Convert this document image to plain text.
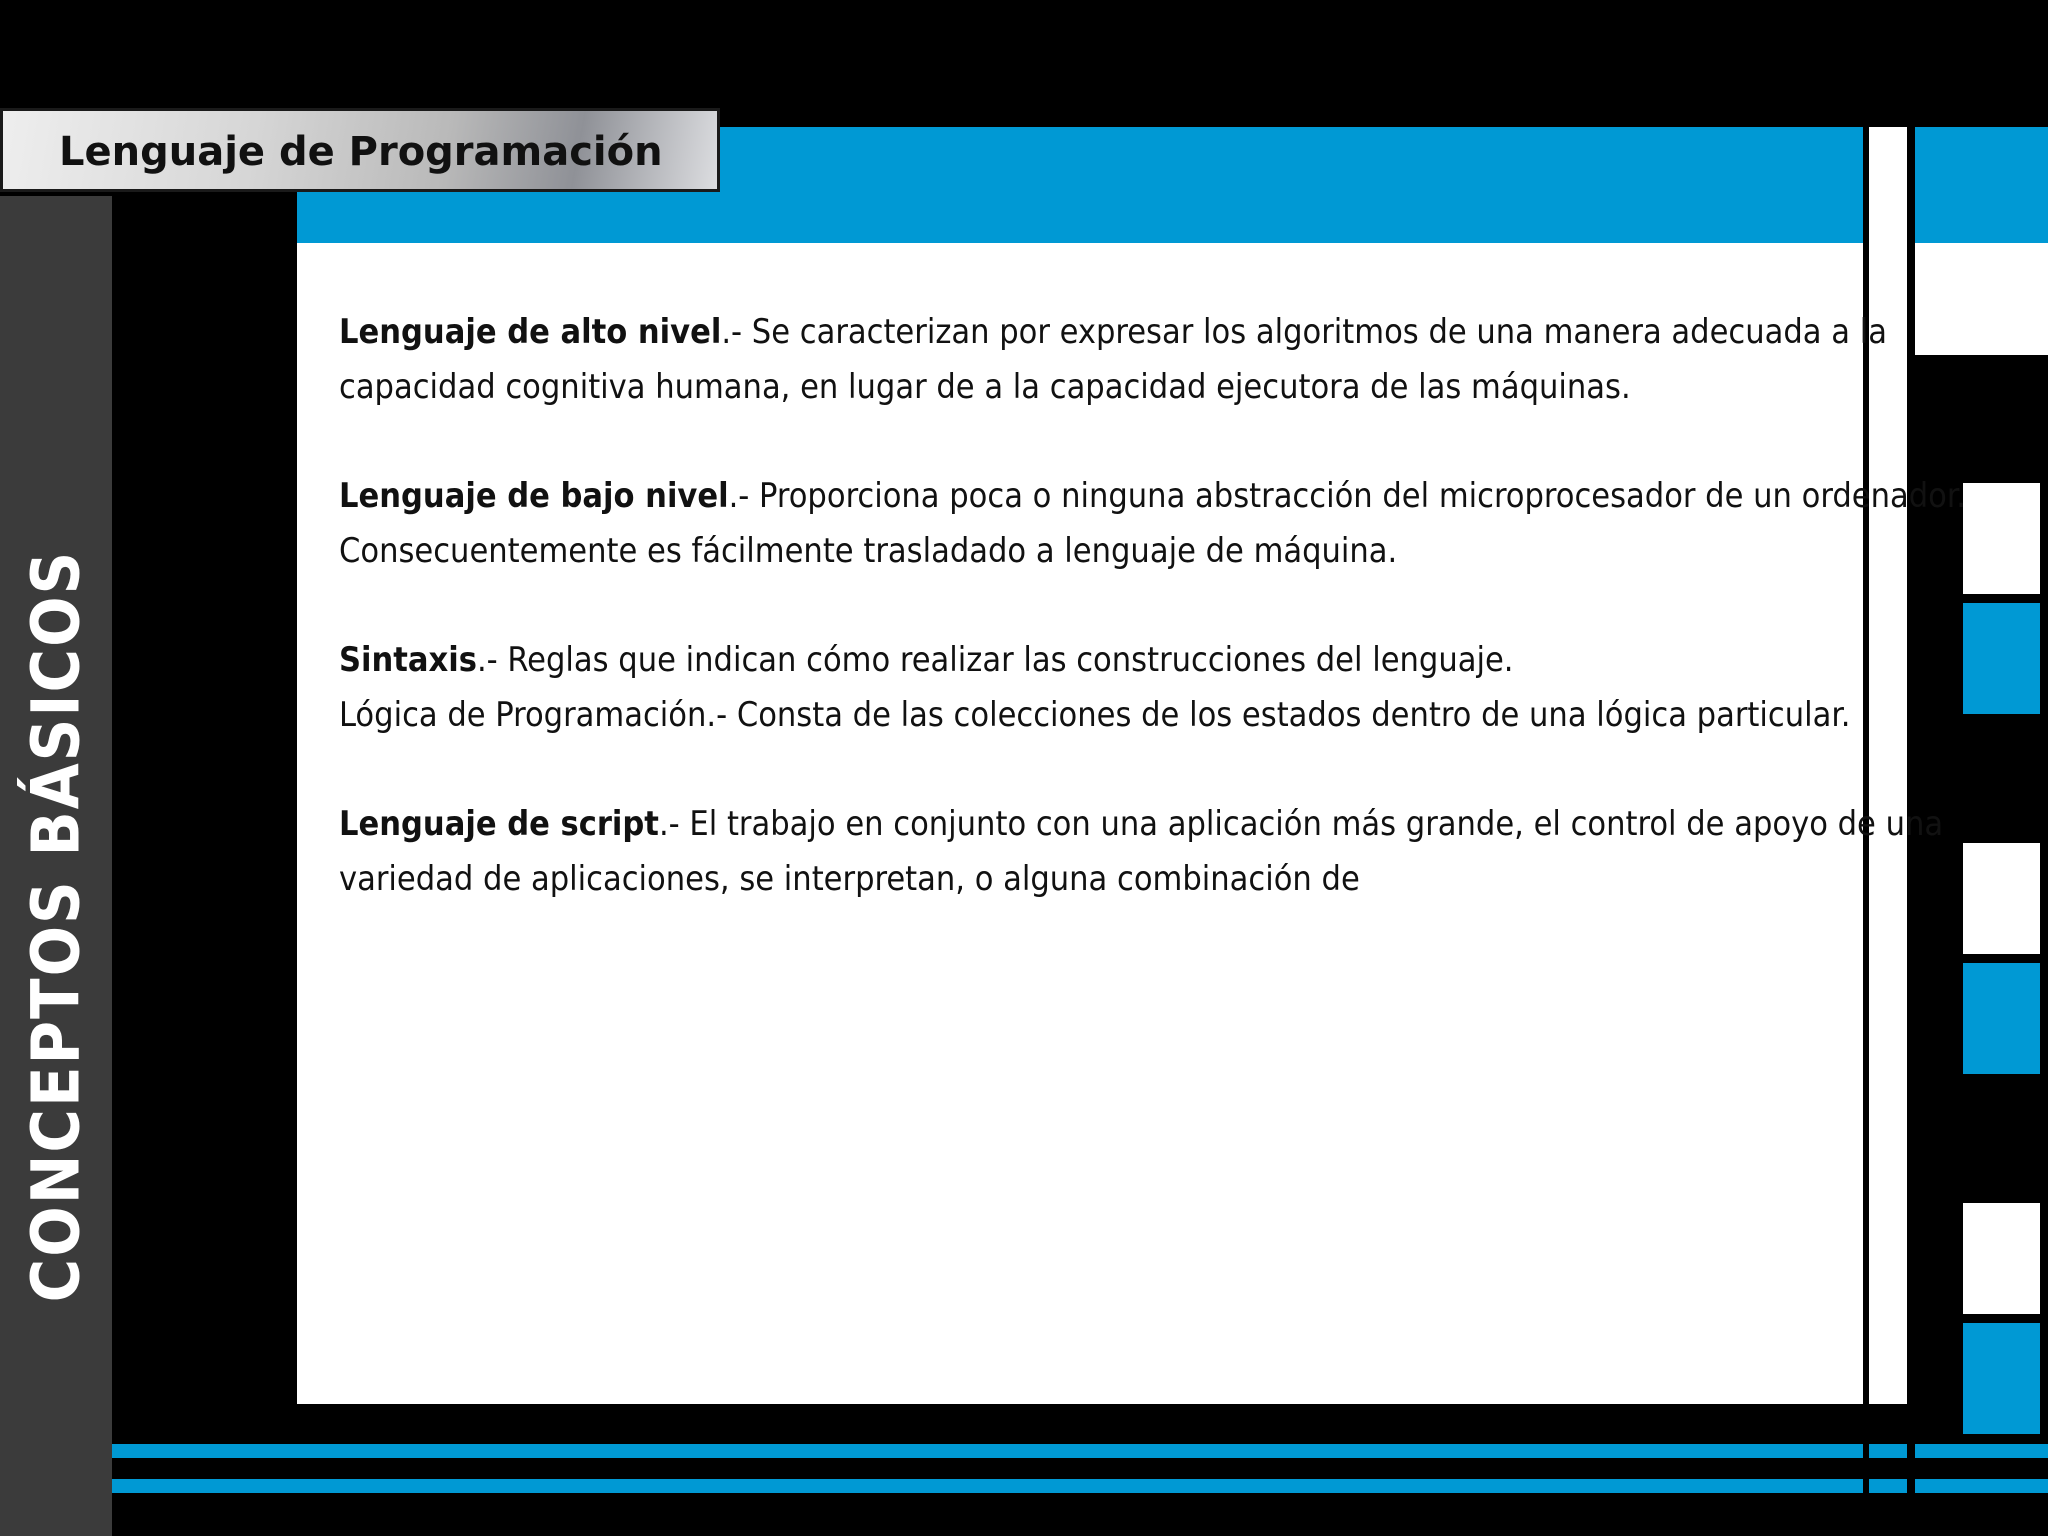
CONCEPTOS BÁSICOS
Lenguaje de Programación
Lenguaje de alto nivel.- Se caracterizan por expresar los algoritmos de una manera adecuada a la
capacidad cognitiva humana, en lugar de a la capacidad ejecutora de las máquinas.
Lenguaje de bajo nivel.- Proporciona poca o ninguna abstracción del microprocesador de un ordenador.
Consecuentemente es fácilmente trasladado a lenguaje de máquina.
Sintaxis.- Reglas que indican cómo realizar las construcciones del lenguaje.
Lógica de Programación.- Consta de las colecciones de los estados dentro de una lógica particular.
Lenguaje de script.- El trabajo en conjunto con una aplicación más grande, el control de apoyo de una
variedad de aplicaciones, se interpretan, o alguna combinación de
